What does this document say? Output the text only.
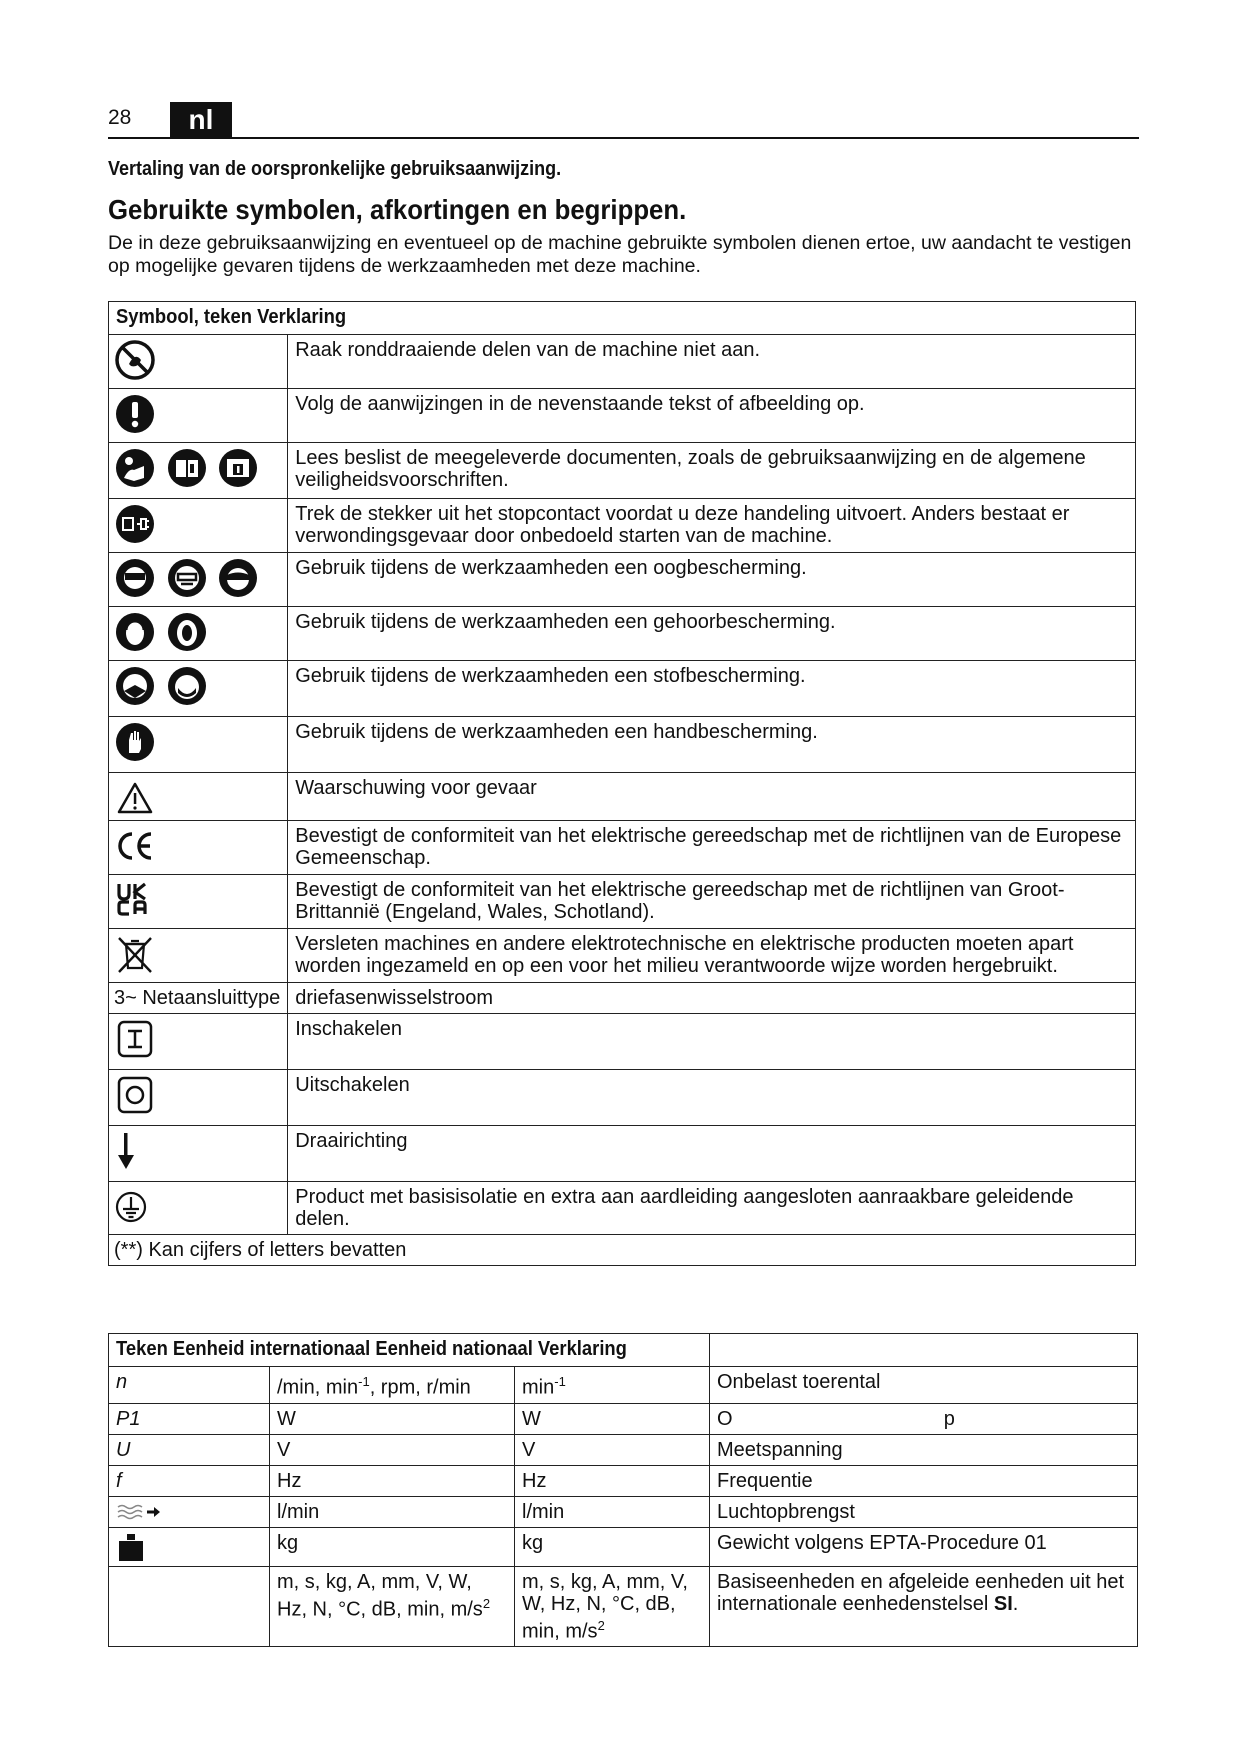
28	nl
Vertaling van de oorspronkelijke gebruiksaanwijzing.
Gebruikte symbolen, afkortingen en begrippen.
De in deze gebruiksaanwijzing en eventueel op de machine gebruikte symbolen dienen ertoe, uw aandacht te vestigen op mogelijke gevaren tijdens de werkzaamheden met deze machine.
Symbool, teken Verklaring	

	Raak ronddraaiende delen van de machine niet aan.

	Volg de aanwijzingen in de nevenstaande tekst of afbeelding op.

	Lees beslist de meegeleverde documenten, zoals de gebruiksaanwijzing en de algemene veiligheidsvoorschriften.

	Trek de stekker uit het stopcontact voordat u deze handeling uitvoert. Anders bestaat er verwondingsgevaar door onbedoeld starten van de machine.

	Gebruik tijdens de werkzaamheden een oogbescherming.

	Gebruik tijdens de werkzaamheden een gehoorbescherming.

	Gebruik tijdens de werkzaamheden een stofbescherming.

	Gebruik tijdens de werkzaamheden een handbescherming.

	Waarschuwing voor gevaar

	Bevestigt de conformiteit van het elektrische gereedschap met de richtlijnen van de Europese Gemeenschap.

	Bevestigt de conformiteit van het elektrische gereedschap met de richtlijnen van Groot-Brittannië (Engeland, Wales, Schotland).

	Versleten machines en andere elektrotechnische en elektrische producten moeten apart worden ingezameld en op een voor het milieu verantwoorde wijze worden hergebruikt.
3~ Netaansluittype	driefasenwisselstroom

	Inschakelen

	Uitschakelen

	Draairichting

	Product met basisisolatie en extra aan aardleiding aangesloten aanraakbare geleidende delen.
(**) Kan cijfers of letters bevatten	
Teken Eenheid internationaal Eenheid nationaal Verklaring			
n	/min, $\min^{-1}$, rpm, r/min	$\min^{-1}$	Onbelast toerental
P1	W	W	O                                      p
U	V	V	Meetspanning
f	Hz	Hz	Frequentie

	l/min	l/min	Luchtopbrengst

	kg	kg	Gewicht volgens EPTA-Procedure 01
	m, s, kg, A, mm, V, W, Hz, N, °C, dB, min, $m/s^2$	m, s, kg, A, mm, V, W, Hz, N, °C, dB, min, $m/s^2$	Basiseenheden en afgeleide eenheden uit het internationale eenhedenstelsel SI.
